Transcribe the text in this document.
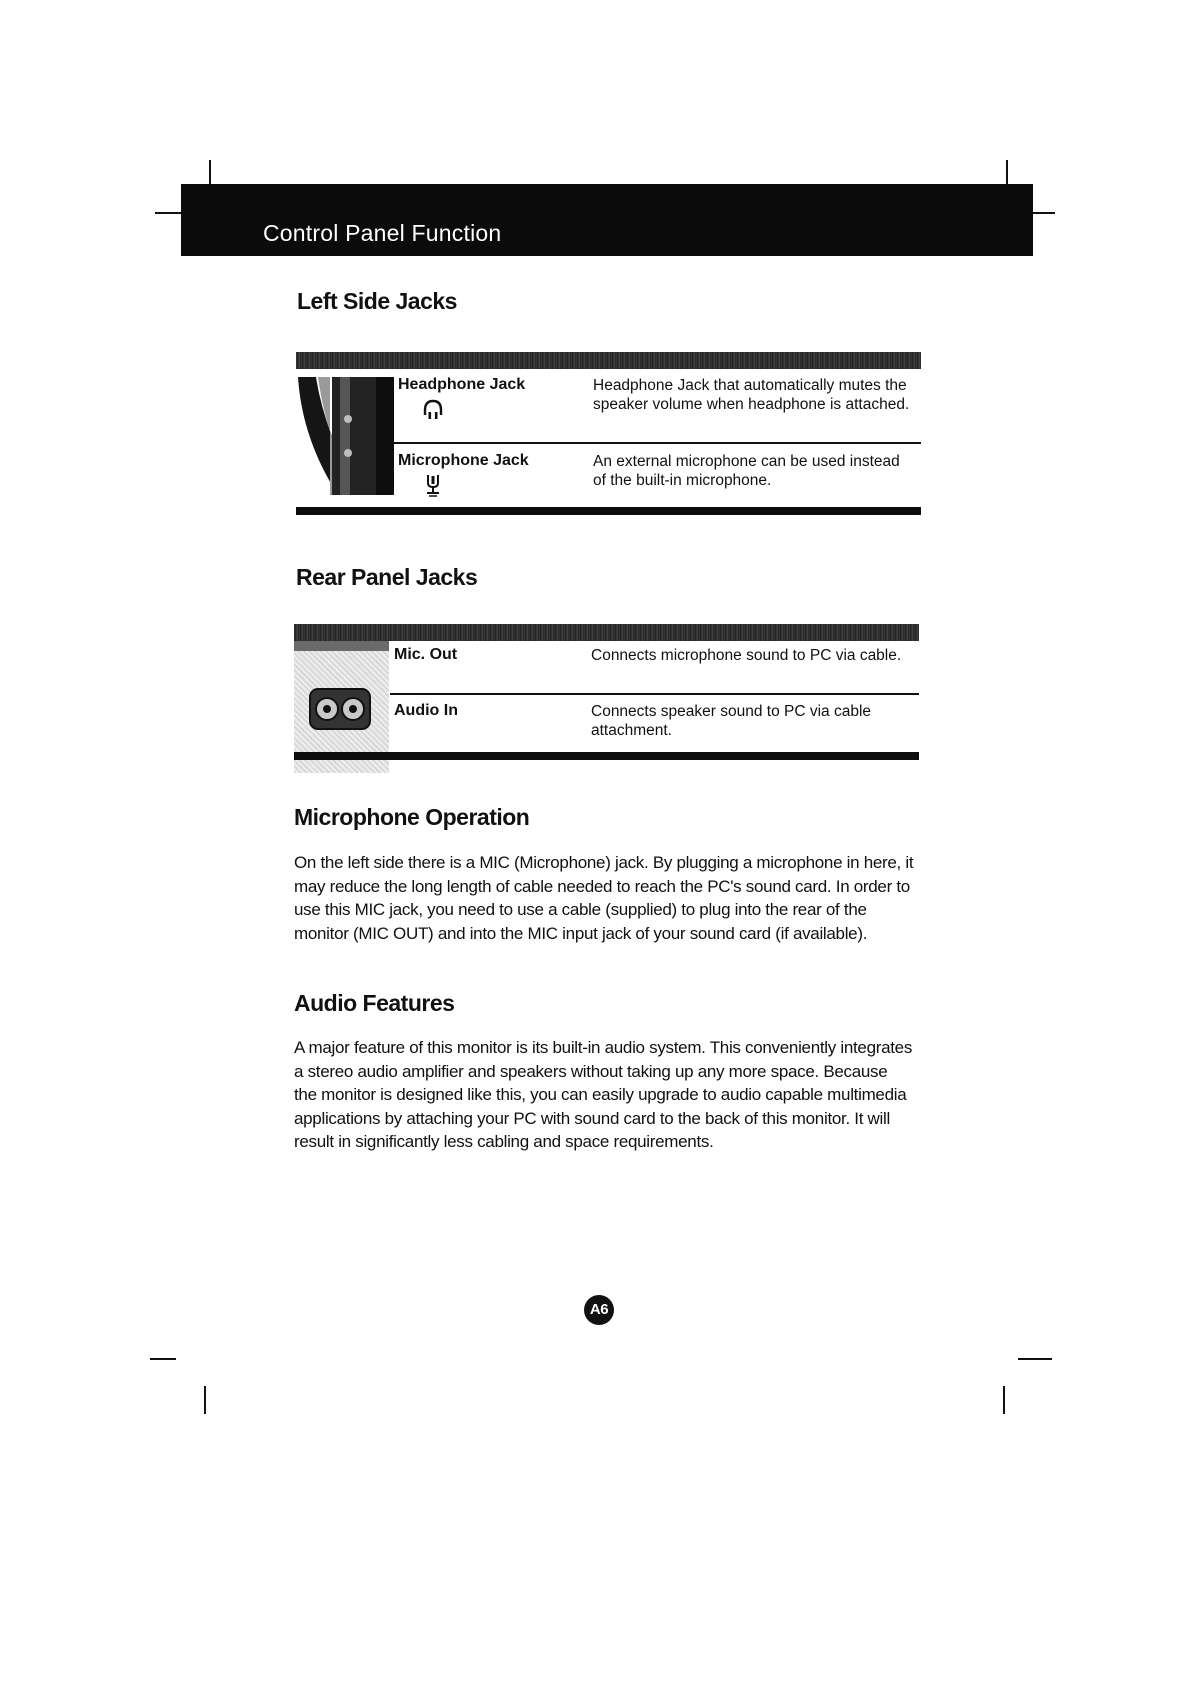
Control Panel Function
Left Side Jacks
Headphone Jack	Headphone Jack that automatically mutes the speaker volume when headphone is attached.
Microphone Jack	An external microphone can be used instead of the built-in microphone.
Rear Panel Jacks
Mic. Out	Connects microphone sound to PC via cable.
Audio In	Connects speaker sound to PC via cable attachment.
Microphone Operation

On the left side there is a MIC (Microphone) jack. By plugging a microphone in here, it may reduce the long length of cable needed to reach the PC's sound card. In order to use this MIC jack, you need to use a cable (supplied) to plug into the rear of the monitor (MIC OUT) and into the MIC input jack of your sound card (if available).

Audio Features

A major feature of this monitor is its built-in audio system. This conveniently integrates a stereo audio amplifier and speakers without taking up any more space. Because the monitor is designed like this, you can easily upgrade to audio capable multimedia applications by attaching your PC with sound card to the back of this monitor. It will result in significantly less cabling and space requirements.

A6
